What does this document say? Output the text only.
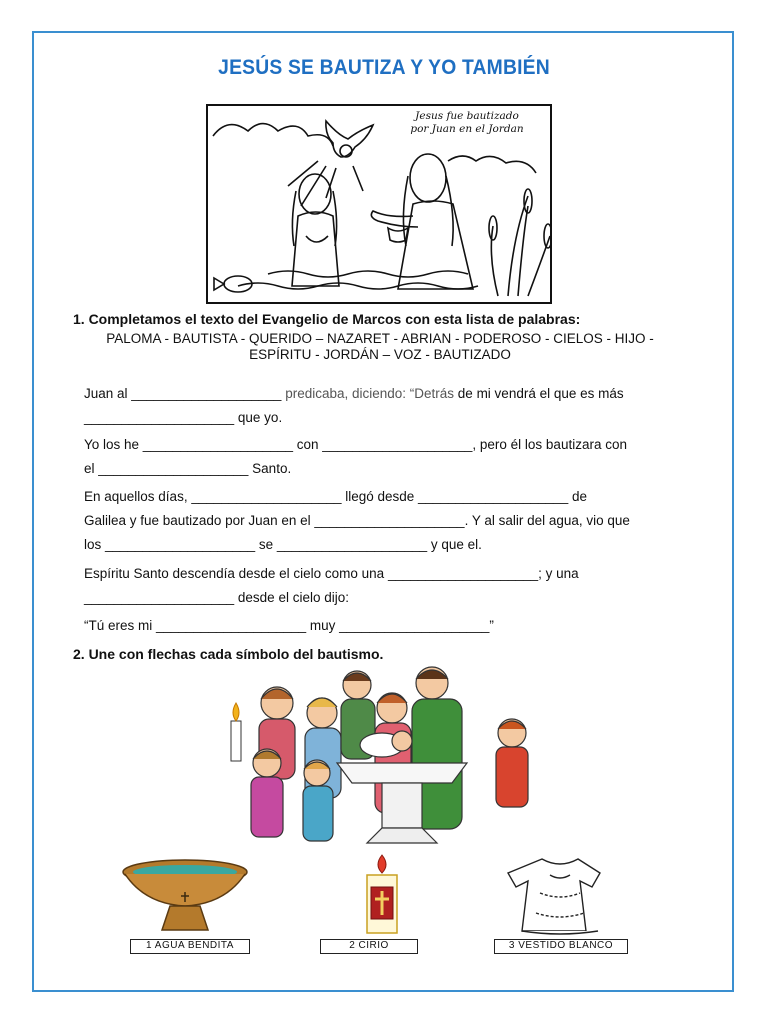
JESÚS SE BAUTIZA Y YO TAMBIÉN
Jesus fue bautizado
por Juan en el Jordan
1. Completamos el texto del Evangelio de Marcos con esta lista de palabras:
PALOMA - BAUTISTA - QUERIDO – NAZARET - ABRIAN - PODEROSO - CIELOS - HIJO -
ESPÍRITU - JORDÁN – VOZ - BAUTIZADO
Juan al ____________________ predicaba, diciendo: “Detrás de mi vendrá el que es más
____________________ que yo.
Yo los he ____________________ con ____________________, pero él los bautizara con
el ____________________ Santo.
En aquellos días, ____________________ llegó desde ____________________ de
Galilea y fue bautizado por Juan en el ____________________. Y al salir del agua, vio que
los ____________________ se ____________________ y que el.
Espíritu Santo descendía desde el cielo como una ____________________; y una
____________________ desde el cielo dijo:
“Tú eres mi ____________________ muy ____________________”
2. Une con flechas cada símbolo del bautismo.
1 AGUA BENDITA	2 CIRIO	3 VESTIDO BLANCO
